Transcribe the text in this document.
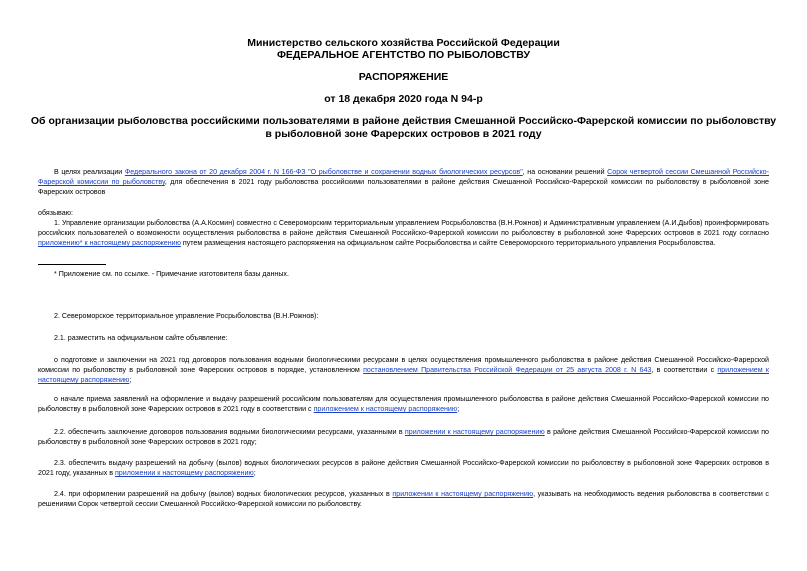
Министерство сельского хозяйства Российской Федерации
ФЕДЕРАЛЬНОЕ АГЕНТСТВО ПО РЫБОЛОВСТВУ
РАСПОРЯЖЕНИЕ
от 18 декабря 2020 года N 94-р
Об организации рыболовства российскими пользователями в районе действия Смешанной Российско-Фарерской комиссии по рыболовству в рыболовной зоне Фарерских островов в 2021 году
В целях реализации Федерального закона от 20 декабря 2004 г. N 166-ФЗ "О рыболовстве и сохранении водных биологических ресурсов", на основании решений Сорок четвертой сессии Смешанной Российско-Фарерской комиссии по рыболовству, для обеспечения в 2021 году рыболовства российскими пользователями в районе действия Смешанной Российско-Фарерской комиссии по рыболовству в рыболовной зоне Фарерских островов
обязываю:
1. Управление организации рыболовства (А.А.Космин) совместно с Североморским территориальным управлением Росрыболовства (В.Н.Рожнов) и Административным управлением (А.И.Дыбов) проинформировать российских пользователей о возможности осуществления рыболовства в районе действия Смешанной Российско-Фарерской комиссии по рыболовству в рыболовной зоне Фарерских островов в 2021 году согласно приложению* к настоящему распоряжению путем размещения настоящего распоряжения на официальном сайте Росрыболовства и сайте Североморского территориального управления Росрыболовства.
* Приложение см. по ссылке. - Примечание изготовителя базы данных.
2. Североморское территориальное управление Росрыболовства (В.Н.Рожнов):
2.1. разместить на официальном сайте объявление:
о подготовке и заключении на 2021 год договоров пользования водными биологическими ресурсами в целях осуществления промышленного рыболовства в районе действия Смешанной Российско-Фарерской комиссии по рыболовству в рыболовной зоне Фарерских островов в порядке, установленном постановлением Правительства Российской Федерации от 25 августа 2008 г. N 643, в соответствии с приложением к настоящему распоряжению;
о начале приема заявлений на оформление и выдачу разрешений российским пользователям для осуществления промышленного рыболовства в районе действия Смешанной Российско-Фарерской комиссии по рыболовству в рыболовной зоне Фарерских островов в 2021 году в соответствии с приложением к настоящему распоряжению;
2.2. обеспечить заключение договоров пользования водными биологическими ресурсами, указанными в приложении к настоящему распоряжению в районе действия Смешанной Российско-Фарерской комиссии по рыболовству в рыболовной зоне Фарерских островов в 2021 году;
2.3. обеспечить выдачу разрешений на добычу (вылов) водных биологических ресурсов в районе действия Смешанной Российско-Фарерской комиссии по рыболовству в рыболовной зоне Фарерских островов в 2021 году, указанных в приложении к настоящему распоряжению;
2.4. при оформлении разрешений на добычу (вылов) водных биологических ресурсов, указанных в приложении к настоящему распоряжению, указывать на необходимость ведения рыболовства в соответствии с решениями Сорок четвертой сессии Смешанной Российско-Фарерской комиссии по рыболовству.
